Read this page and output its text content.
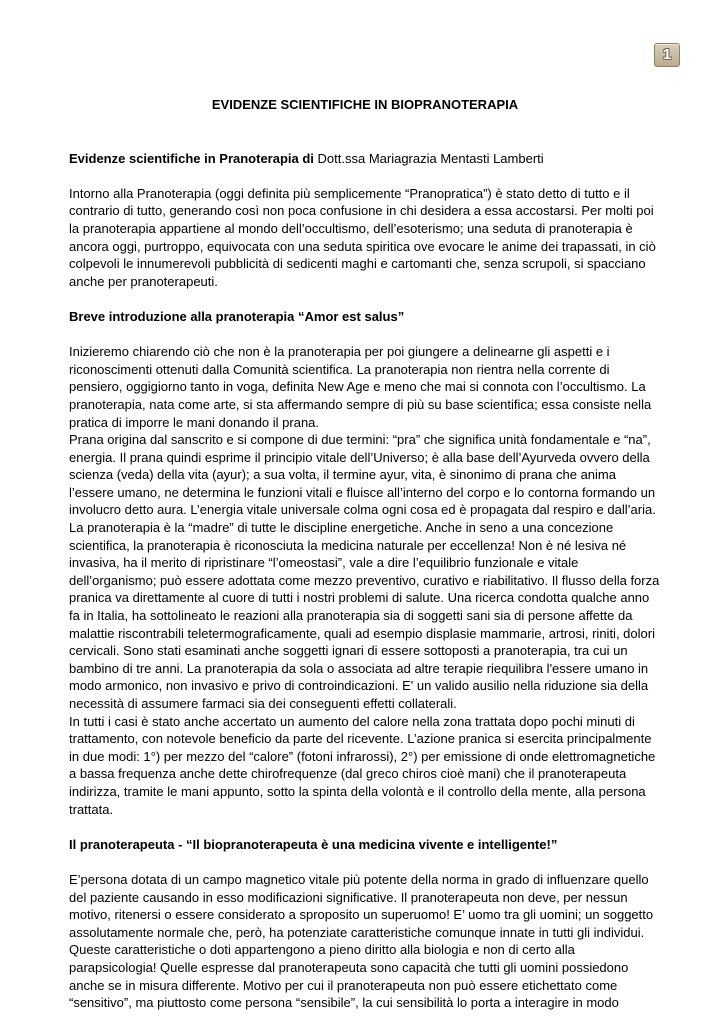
1
EVIDENZE SCIENTIFICHE IN BIOPRANOTERAPIA
Evidenze scientifiche in Pranoterapia di Dott.ssa Mariagrazia Mentasti Lamberti
Intorno alla Pranoterapia (oggi definita più semplicemente “Pranopratica”) è stato detto di tutto e il contrario di tutto, generando così non poca confusione in chi desidera a essa accostarsi. Per molti poi la pranoterapia appartiene al mondo dell’occultismo, dell’esoterismo; una seduta di pranoterapia è ancora oggi, purtroppo, equivocata con una seduta spiritica ove evocare le anime dei trapassati, in ciò colpevoli le innumerevoli pubblicità di sedicenti maghi e cartomanti che, senza scrupoli, si spacciano anche per pranoterapeuti.
Breve introduzione alla pranoterapia “Amor est salus”
Inizieremo chiarendo ciò che non è la pranoterapia per poi giungere a delinearne gli aspetti e i riconoscimenti ottenuti dalla Comunità scientifica. La pranoterapia non rientra nella corrente di pensiero, oggigiorno tanto in voga, definita New Age e meno che mai si connota con l’occultismo. La pranoterapia, nata come arte, si sta affermando sempre di più su base scientifica; essa consiste nella pratica di imporre le mani donando il prana.
Prana origina dal sanscrito e si compone di due termini: “pra” che significa unità fondamentale e “na”, energia. Il prana quindi esprime il principio vitale dell’Universo; è alla base dell’Ayurveda ovvero della scienza (veda) della vita (ayur); a sua volta, il termine ayur, vita, è sinonimo di prana che anima l’essere umano, ne determina le funzioni vitali e fluisce all’interno del corpo e lo contorna formando un involucro detto aura. L’energia vitale universale colma ogni cosa ed è propagata dal respiro e dall’aria.
La pranoterapia è la “madre” di tutte le discipline energetiche. Anche in seno a una concezione scientifica, la pranoterapia è riconosciuta la medicina naturale per eccellenza! Non è né lesiva né invasiva, ha il merito di ripristinare “l’omeostasi”, vale a dire l’equilibrio funzionale e vitale dell’organismo; può essere adottata come mezzo preventivo, curativo e riabilitativo. Il flusso della forza pranica va direttamente al cuore di tutti i nostri problemi di salute. Una ricerca condotta qualche anno fa in Italia, ha sottolineato le reazioni alla pranoterapia sia di soggetti sani sia di persone affette da malattie riscontrabili teletermograficamente, quali ad esempio displasie mammarie, artrosi, riniti, dolori cervicali. Sono stati esaminati anche soggetti ignari di essere sottoposti a pranoterapia, tra cui un bambino di tre anni. La pranoterapia da sola o associata ad altre terapie riequilibra l'essere umano in modo armonico, non invasivo e privo di controindicazioni. E' un valido ausilio nella riduzione sia della necessità di assumere farmaci sia dei conseguenti effetti collaterali.
In tutti i casi è stato anche accertato un aumento del calore nella zona trattata dopo pochi minuti di trattamento, con notevole beneficio da parte del ricevente. L’azione pranica si esercita principalmente in due modi: 1°) per mezzo del “calore” (fotoni infrarossi), 2°) per emissione di onde elettromagnetiche a bassa frequenza anche dette chirofrequenze (dal greco chiros cioè mani) che il pranoterapeuta indirizza, tramite le mani appunto, sotto la spinta della volontà e il controllo della mente, alla persona trattata.
Il pranoterapeuta - “Il biopranoterapeuta è una medicina vivente e intelligente!”
E’persona dotata di un campo magnetico vitale più potente della norma in grado di influenzare quello del paziente causando in esso modificazioni significative. Il pranoterapeuta non deve, per nessun motivo, ritenersi o essere considerato a sproposito un superuomo! E’ uomo tra gli uomini; un soggetto assolutamente normale che, però, ha potenziate caratteristiche comunque innate in tutti gli individui.
Queste caratteristiche o doti appartengono a pieno diritto alla biologia e non di certo alla parapsicologia! Quelle espresse dal pranoterapeuta sono capacità che tutti gli uomini possiedono anche se in misura differente. Motivo per cui il pranoterapeuta non può essere etichettato come “sensitivo”, ma piuttosto come persona “sensibile”, la cui sensibilità lo porta a interagire in modo
